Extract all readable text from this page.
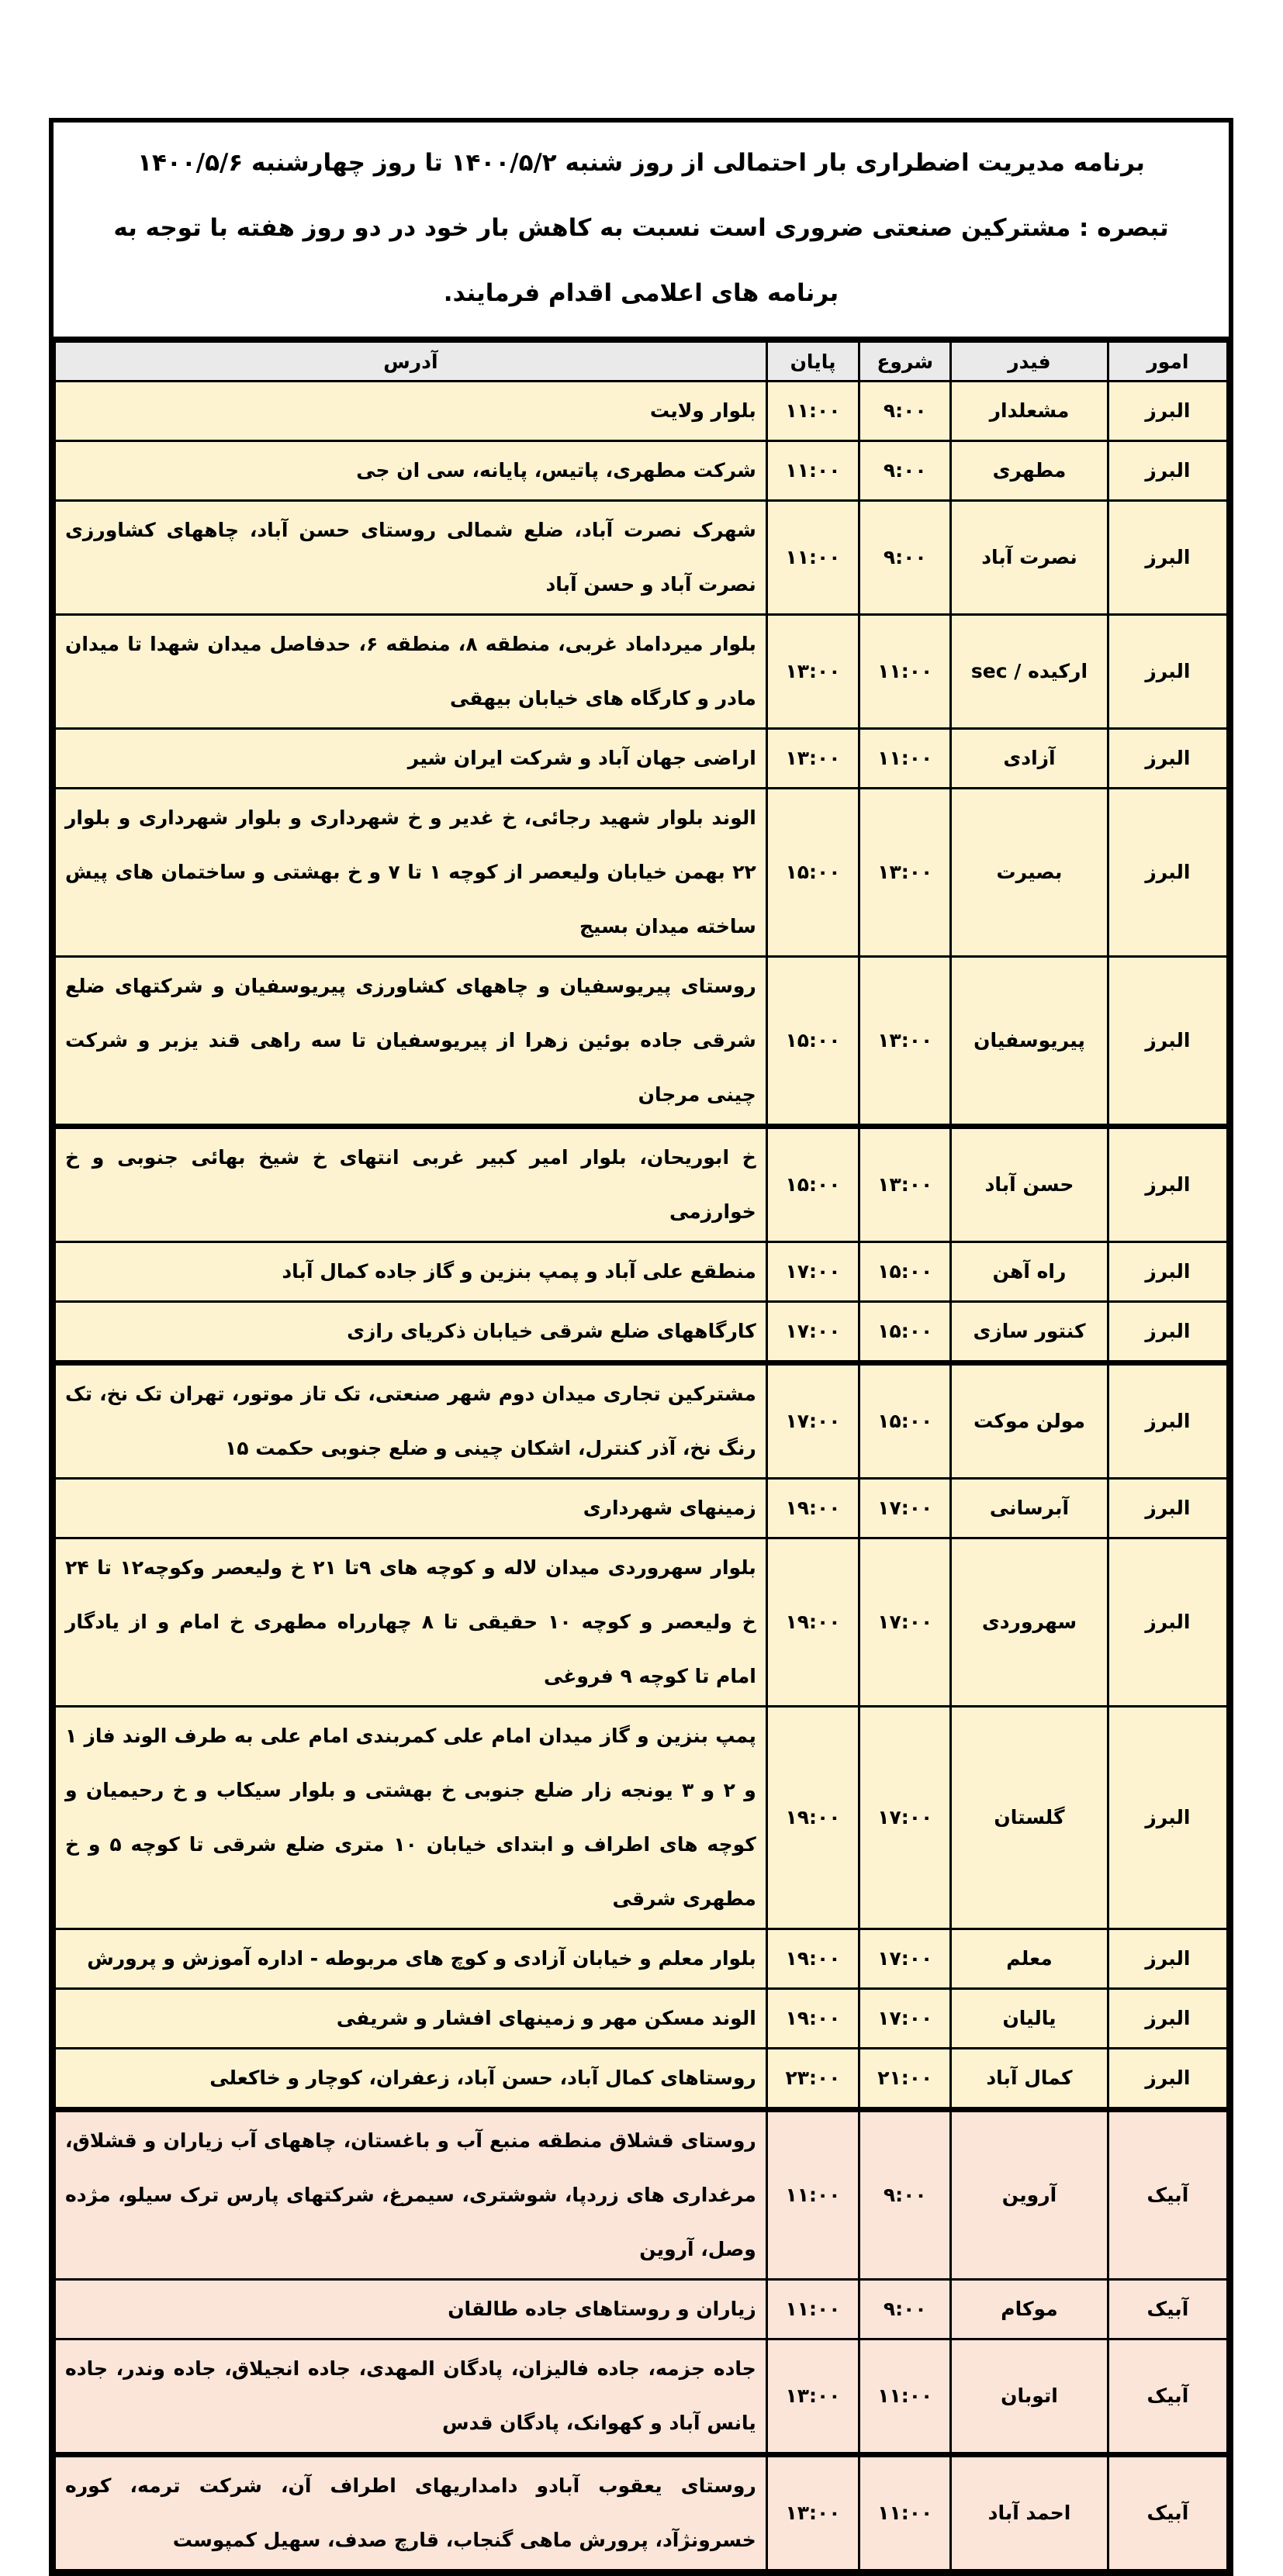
برنامه مدیریت اضطراری بار احتمالی از روز شنبه ۱۴۰۰/۵/۲ تا روز چهارشنبه ۱۴۰۰/۵/۶
تبصره : مشترکین صنعتی ضروری است نسبت به کاهش بار خود در دو روز هفته با توجه به
برنامه های اعلامی اقدام فرمایند.
امور	فیدر	شروع	پایان	آدرس
البرز	مشعلدار	۹:۰۰	۱۱:۰۰	بلوار ولایت
البرز	مطهری	۹:۰۰	۱۱:۰۰	شرکت مطهری، پاتیس، پایانه، سی ان جی
البرز	نصرت آباد	۹:۰۰	۱۱:۰۰	شهرک نصرت آباد، ضلع شمالی روستای حسن آباد، چاههای کشاورزی نصرت آباد و حسن آباد
البرز	ارکیده / sec	۱۱:۰۰	۱۳:۰۰	بلوار میرداماد غربی، منطقه ۸، منطقه ۶، حدفاصل میدان شهدا تا میدان مادر و کارگاه های خیابان بیهقی
البرز	آزادی	۱۱:۰۰	۱۳:۰۰	اراضی جهان آباد و شرکت ایران شیر
البرز	بصیرت	۱۳:۰۰	۱۵:۰۰	الوند بلوار شهید رجائی، خ غدیر و خ شهرداری و بلوار شهرداری و بلوار ۲۲ بهمن خیابان ولیعصر از کوچه ۱ تا ۷ و خ بهشتی و ساختمان های پیش ساخته میدان بسیج
البرز	پیریوسفیان	۱۳:۰۰	۱۵:۰۰	روستای پیریوسفیان و چاههای کشاورزی پیریوسفیان و شرکتهای ضلع شرقی جاده بوئین زهرا از پیریوسفیان تا سه راهی قند یزبر و شرکت چینی مرجان
البرز	حسن آباد	۱۳:۰۰	۱۵:۰۰	خ ابوریحان، بلوار امیر کبیر غربی انتهای خ شیخ بهائی جنوبی و خ خوارزمی
البرز	راه آهن	۱۵:۰۰	۱۷:۰۰	منطقع علی آباد و پمپ بنزین و گاز جاده کمال آباد
البرز	کنتور سازی	۱۵:۰۰	۱۷:۰۰	کارگاههای ضلع شرقی خیابان ذکریای رازی
البرز	مولن موکت	۱۵:۰۰	۱۷:۰۰	مشترکین تجاری میدان دوم شهر صنعتی، تک تاز موتور، تهران تک نخ، تک رنگ نخ، آذر کنترل، اشکان چینی و ضلع جنوبی حکمت ۱۵
البرز	آبرسانی	۱۷:۰۰	۱۹:۰۰	زمینهای شهرداری
البرز	سهروردی	۱۷:۰۰	۱۹:۰۰	بلوار سهروردی میدان لاله و کوچه های ۹تا ۲۱ خ ولیعصر وکوچه۱۲ تا ۲۴ خ ولیعصر و کوچه ۱۰ حقیقی تا ۸ چهارراه مطهری خ امام و از یادگار امام تا کوچه ۹ فروغی
البرز	گلستان	۱۷:۰۰	۱۹:۰۰	پمپ بنزین و گاز میدان امام علی کمربندی امام علی به طرف الوند فاز ۱ و ۲ و ۳ یونجه زار ضلع جنوبی خ بهشتی و بلوار سیکاب و خ رحیمیان و کوچه های اطراف و ابتدای خیابان ۱۰ متری ضلع شرقی تا کوچه ۵ و خ مطهری شرقی
البرز	معلم	۱۷:۰۰	۱۹:۰۰	بلوار معلم و خیابان آزادی و کوچ های مربوطه - اداره آموزش و پرورش
البرز	یالیان	۱۷:۰۰	۱۹:۰۰	الوند مسکن مهر و زمینهای افشار و شریفی
البرز	کمال آباد	۲۱:۰۰	۲۳:۰۰	روستاهای کمال آباد، حسن آباد، زعفران، کوچار و خاکعلی
آبیک	آروین	۹:۰۰	۱۱:۰۰	روستای قشلاق منطقه منبع آب و باغستان، چاههای آب زیاران و قشلاق، مرغداری های زردپا، شوشتری، سیمرغ، شرکتهای پارس ترک سیلو، مژده وصل، آروین
آبیک	موکام	۹:۰۰	۱۱:۰۰	زیاران و روستاهای جاده طالقان
آبیک	اتوبان	۱۱:۰۰	۱۳:۰۰	جاده جزمه، جاده فالیزان، پادگان المهدی، جاده انجیلاق، جاده وندر، جاده یانس آباد و کهوانک، پادگان قدس
آبیک	احمد آباد	۱۱:۰۰	۱۳:۰۰	روستای یعقوب آبادو دامداریهای اطراف آن، شرکت ترمه، کوره خسرونژآد، پرورش ماهی گنجاب، قارچ صدف، سهیل کمپوست
